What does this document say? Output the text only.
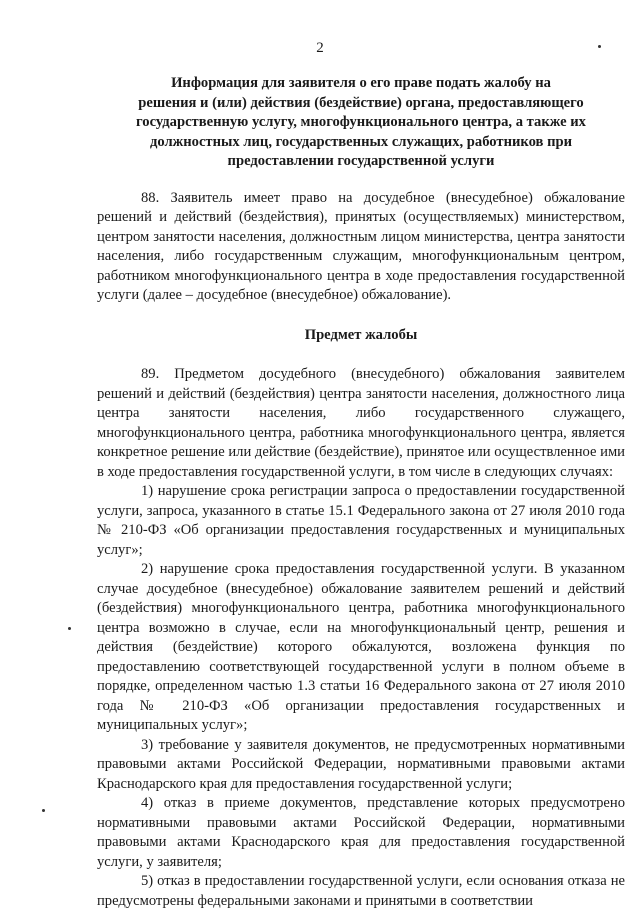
2
Информация для заявителя о его праве подать жалобу на
решения и (или) действия (бездействие) органа, предоставляющего
государственную услугу, многофункционального центра, а также их
должностных лиц, государственных служащих, работников при
предоставлении государственной услуги

88. Заявитель имеет право на досудебное (внесудебное) обжалование решений и действий (бездействия), принятых (осуществляемых) министерством, центром занятости населения, должностным лицом министерства, центра занятости населения, либо государственным служащим, многофункциональным центром, работником многофункционального центра в ходе предоставления государственной услуги (далее – досудебное (внесудебное) обжалование).

Предмет жалобы

89. Предметом досудебного (внесудебного) обжалования заявителем решений и действий (бездействия) центра занятости населения, должностного лица центра занятости населения, либо государственного служащего, многофункционального центра, работника многофункционального центра, является конкретное решение или действие (бездействие), принятое или осуществленное ими в ходе предоставления государственной услуги, в том числе в следующих случаях:

1) нарушение срока регистрации запроса о предоставлении государственной услуги, запроса, указанного в статье 15.1 Федерального закона от 27 июля 2010 года № 210-ФЗ «Об организации предоставления государственных и муниципальных услуг»;

2) нарушение срока предоставления государственной услуги. В указанном случае досудебное (внесудебное) обжалование заявителем решений и действий (бездействия) многофункционального центра, работника многофункционального центра возможно в случае, если на многофункциональный центр, решения и действия (бездействие) которого обжалуются, возложена функция по предоставлению соответствующей государственной услуги в полном объеме в порядке, определенном частью 1.3 статьи 16 Федерального закона от 27 июля 2010 года № 210-ФЗ «Об организации предоставления государственных и муниципальных услуг»;

3) требование у заявителя документов, не предусмотренных нормативными правовыми актами Российской Федерации, нормативными правовыми актами Краснодарского края для предоставления государственной услуги;

4) отказ в приеме документов, представление которых предусмотрено нормативными правовыми актами Российской Федерации, нормативными правовыми актами Краснодарского края для предоставления государственной услуги, у заявителя;

5) отказ в предоставлении государственной услуги, если основания отказа не предусмотрены федеральными законами и принятыми в соответствии
